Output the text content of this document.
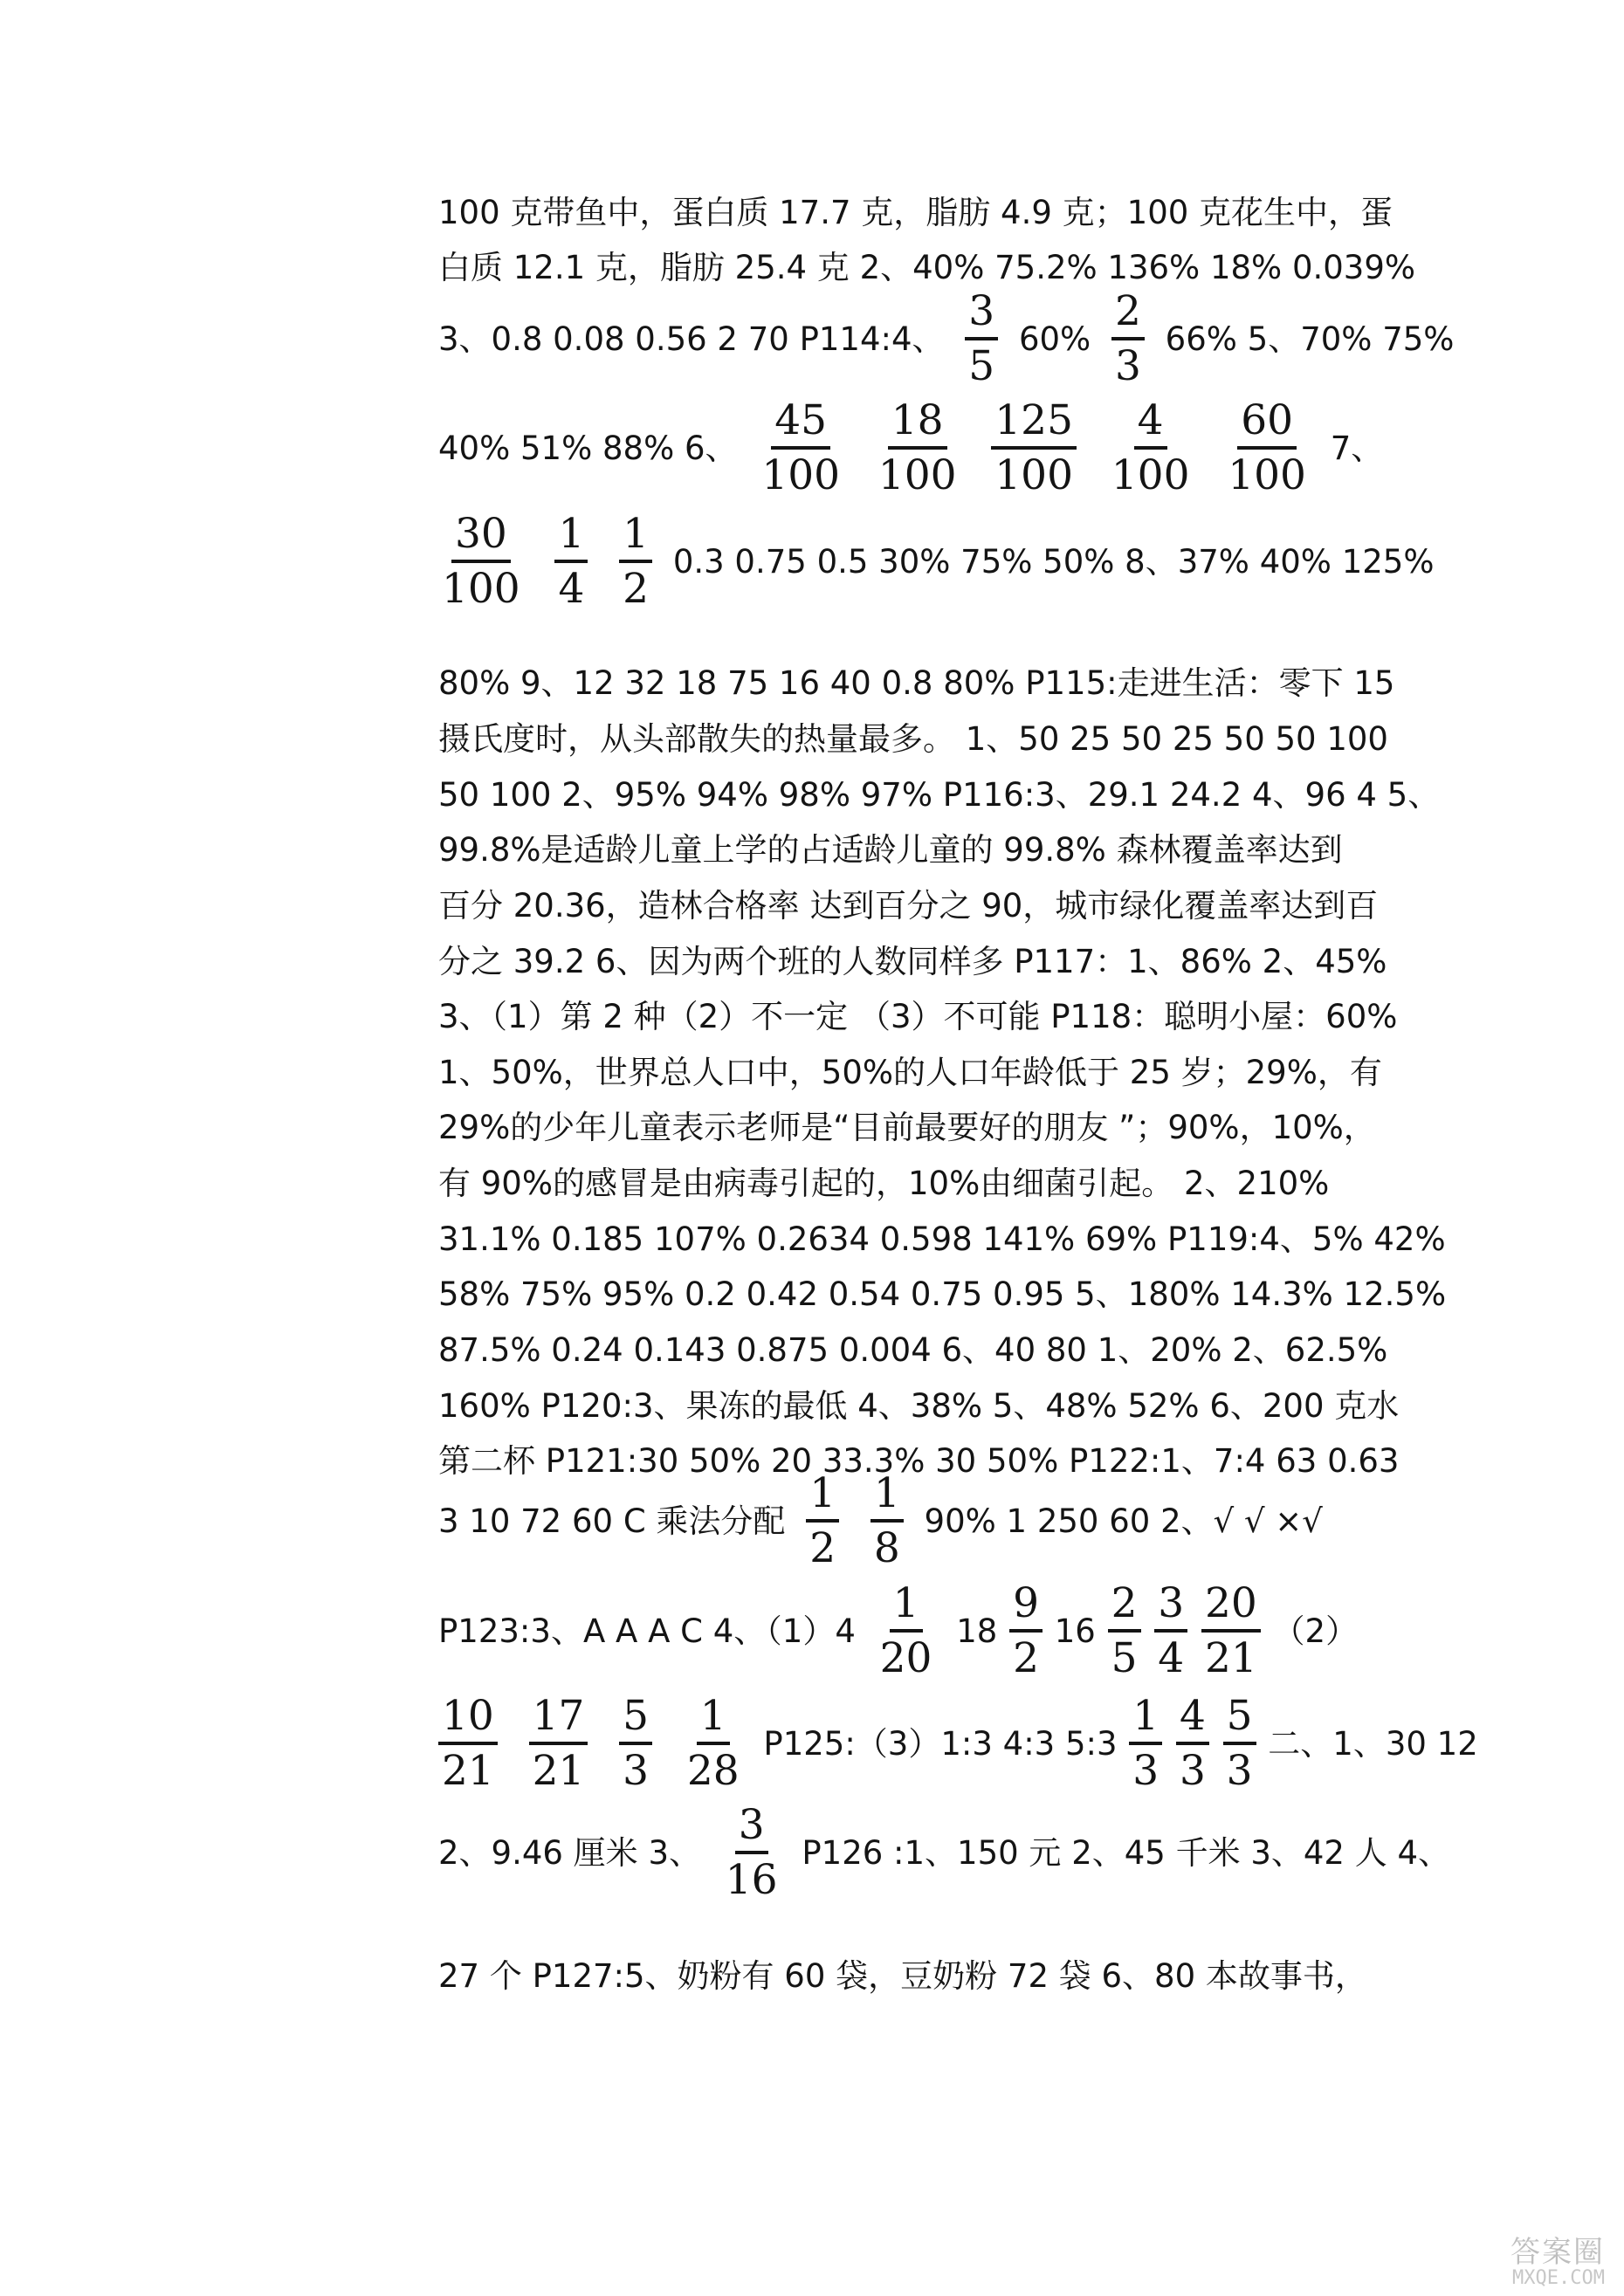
100 克带鱼中，蛋白质 17.7 克，脂肪 4.9 克；100 克花生中，蛋
白质 12.1 克，脂肪 25.4 克 2、40% 75.2% 136% 18% 0.039%
3、0.8 0.08 0.56 2 70 P114:4、 $\frac{3}{5} 60\% \frac{2}{3} 66\%$ 5、70% 75%
40% 51% 88% 6、 $\frac{45}{100}$
$\frac{18}{100}$
$\frac{125}{100}$
$\frac{4}{100}$
$\frac{60}{100} 7$、
$\frac{30}{100}$
$\frac{1}{4}$
$\frac{1}{2} 0.3$ 0.75 0.5 30% 75% 50% 8、37% 40% 125%
80% 9、12 32 18 75 16 40 0.8 80% P115:走进生活：零下 15
摄氏度时，从头部散失的热量最多。 1、50 25 50 25 50 50 100
50 100 2、95% 94% 98% 97% P116:3、29.1 24.2 4、96 4 5、
99.8%是适龄儿童上学的占适龄儿童的 99.8% 森林覆盖率达到
百分 20.36，造林合格率 达到百分之 90，城市绿化覆盖率达到百
分之 39.2 6、因为两个班的人数同样多 P117：1、86% 2、45%
3、（1）第 2 种（2）不一定 （3）不可能 P118：聪明小屋：60%
1、50%，世界总人口中，50%的人口年龄低于 25 岁；29%，有
29%的少年儿童表示老师是“目前最要好的朋友 ”；90%，10%，
有 90%的感冒是由病毒引起的，10%由细菌引起。 2、210%
31.1% 0.185 107% 0.2634 0.598 141% 69% P119:4、5% 42%
58% 75% 95% 0.2 0.42 0.54 0.75 0.95 5、180% 14.3% 12.5%
87.5% 0.24 0.143 0.875 0.004 6、40 80 1、20% 2、62.5%
160% P120:3、果冻的最低 4、38% 5、48% 52% 6、200 克水
第二杯 P121:30 50% 20 33.3% 30 50% P122:1、7:4 63 0.63
3 10 72 60 C 乘法分配 $\frac{1}{2}$
$\frac{1}{8} 90\%$ 1 250 60 2、√ √ ×√
P123:3、A A A C 4、$(1)4 \frac{1}{20} 18 \frac{9}{2} 16 \frac{2}{5}$
$\frac{3}{4}$
$\frac{20}{21} (2)$
$\frac{10}{21}$
$\frac{17}{21}$
$\frac{5}{3}$
$\frac{1}{28}$ P125:（3）1:3 4:3 5:3 $\frac{1}{3}$
$\frac{4}{3}$
$\frac{5}{3}$ 二、1、30 12
2、9.46 厘米 3、 $\frac{3}{16} P126$ :1、150 元 2、45 千米 3、42 人 4、
27 个 P127:5、奶粉有 60 袋，豆奶粉 72 袋 6、80 本故事书，
答案圈
MXQE.COM
